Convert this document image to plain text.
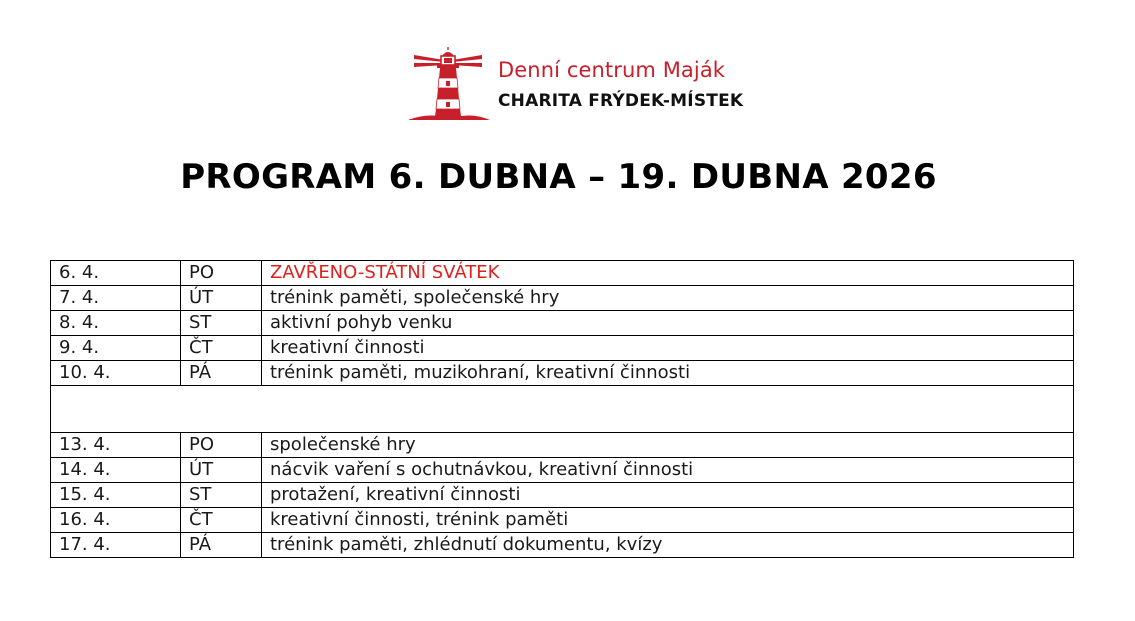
Denní centrum Maják
CHARITA FRÝDEK-MÍSTEK
PROGRAM 6. DUBNA – 19. DUBNA 2026
6. 4.	PO	ZAVŘENO-STÁTNÍ SVÁTEK
7. 4.	ÚT	trénink paměti, společenské hry
8. 4.	ST	aktivní pohyb venku
9. 4.	ČT	kreativní činnosti
10. 4.	PÁ	trénink paměti, muzikohraní, kreativní činnosti

13. 4.	PO	společenské hry
14. 4.	ÚT	nácvik vaření s ochutnávkou, kreativní činnosti
15. 4.	ST	protažení, kreativní činnosti
16. 4.	ČT	kreativní činnosti, trénink paměti
17. 4.	PÁ	trénink paměti, zhlédnutí dokumentu, kvízy
